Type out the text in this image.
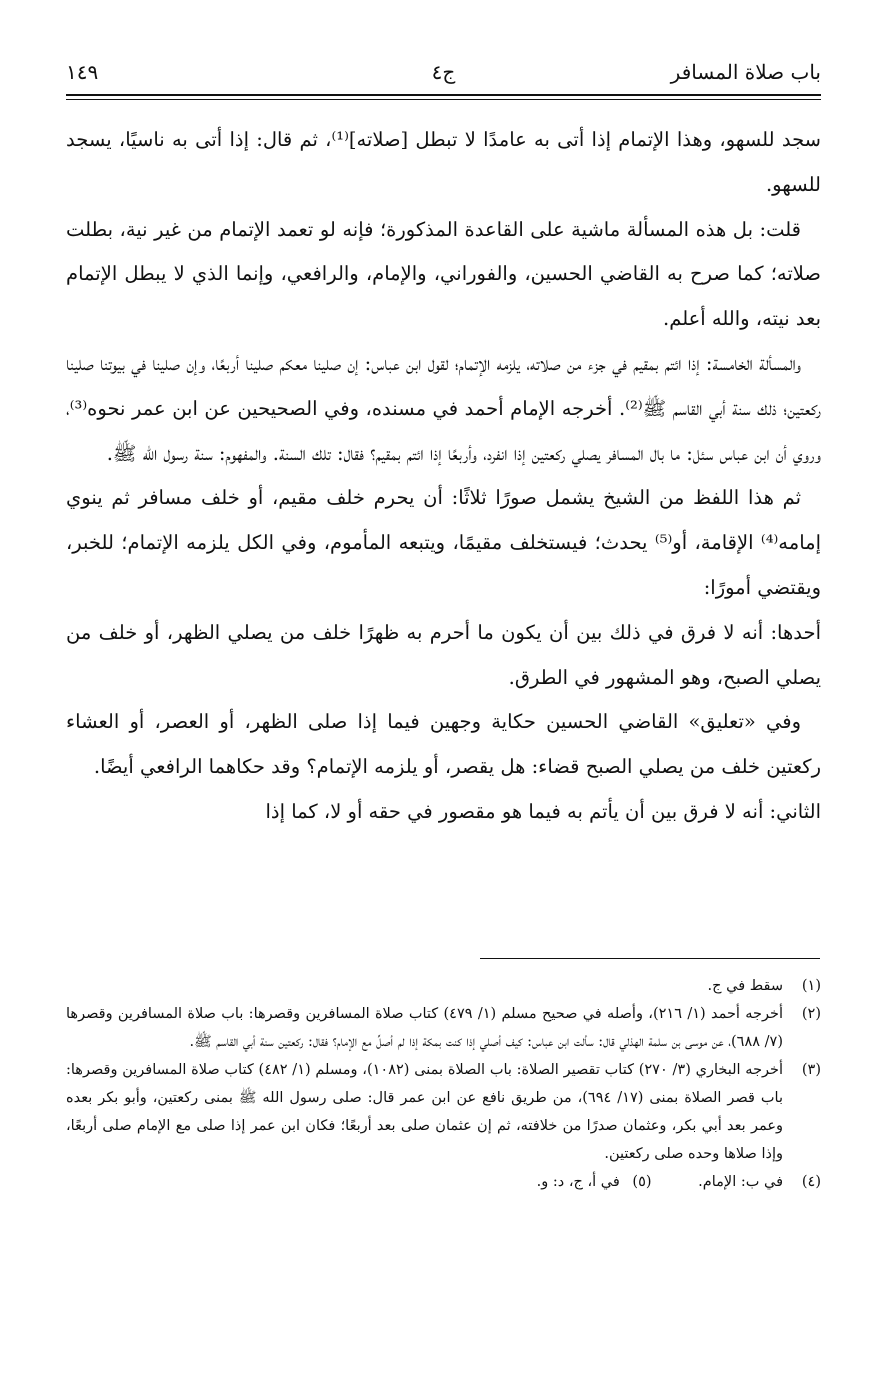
باب صلاة المسافر
ج٤
١٤٩

سجد للسهو، وهذا الإتمام إذا أتى به عامدًا لا تبطل [صلاته]⁽¹⁾، ثم قال: إذا أتى به ناسيًا، يسجد للسهو.

قلت: بل هذه المسألة ماشية على القاعدة المذكورة؛ فإنه لو تعمد الإتمام من غير نية، بطلت صلاته؛ كما صرح به القاضي الحسين، والفوراني، والإمام، والرافعي، وإنما الذي لا يبطل الإتمام بعد نيته، والله أعلم.

والمسألة الخامسة: إذا ائتم بمقيم في جزء من صلاته، يلزمه الإتمام؛ لقول ابن عباس: إن صلينا معكم صلينا أربعًا، وإن صلينا في بيوتنا صلينا ركعتين؛ ذلك سنة أبي القاسم ﷺ⁽²⁾. أخرجه الإمام أحمد في مسنده، وفي الصحيحين عن ابن عمر نحوه⁽³⁾، وروي أن ابن عباس سئل: ما بال المسافر يصلي ركعتين إذا انفرد، وأربعًا إذا ائتم بمقيم؟ فقال: تلك السنة. والمفهوم: سنة رسول الله ﷺ.

ثم هذا اللفظ من الشيخ يشمل صورًا ثلاثًا: أن يحرم خلف مقيم، أو خلف مسافر ثم ينوي إمامه⁽⁴⁾ الإقامة، أو⁽⁵⁾ يحدث؛ فيستخلف مقيمًا، ويتبعه المأموم، وفي الكل يلزمه الإتمام؛ للخبر، ويقتضي أمورًا:

أحدها: أنه لا فرق في ذلك بين أن يكون ما أحرم به ظهرًا خلف من يصلي الظهر، أو خلف من يصلي الصبح، وهو المشهور في الطرق.

وفي «تعليق» القاضي الحسين حكاية وجهين فيما إذا صلى الظهر، أو العصر، أو العشاء ركعتين خلف من يصلي الصبح قضاء: هل يقصر، أو يلزمه الإتمام؟ وقد حكاهما الرافعي أيضًا.

الثاني: أنه لا فرق بين أن يأتم به فيما هو مقصور في حقه أو لا، كما إذا

(١)
سقط في ج.
(٢)
أخرجه أحمد (١/ ٢١٦)، وأصله في صحيح مسلم (١/ ٤٧٩) كتاب صلاة المسافرين وقصرها: باب صلاة المسافرين وقصرها (٧/ ٦٨٨)، عن موسى بن سلمة الهذلي قال: سألت ابن عباس: كيف أصلي إذا كنت بمكة إذا لم أصلِّ مع الإمام؟ فقال: ركعتين سنة أبي القاسم ﷺ.
(٣)
أخرجه البخاري (٣/ ٢٧٠) كتاب تقصير الصلاة: باب الصلاة بمنى (١٠٨٢)، ومسلم (١/ ٤٨٢) كتاب صلاة المسافرين وقصرها: باب قصر الصلاة بمنى (١٧/ ٦٩٤)، من طريق نافع عن ابن عمر قال: صلى رسول الله ﷺ بمنى ركعتين، وأبو بكر بعده وعمر بعد أبي بكر، وعثمان صدرًا من خلافته، ثم إن عثمان صلى بعد أربعًا؛ فكان ابن عمر إذا صلى مع الإمام صلى أربعًا، وإذا صلاها وحده صلى ركعتين.
(٤)
في ب: الإمام. (٥) في أ، ج، د: و.
